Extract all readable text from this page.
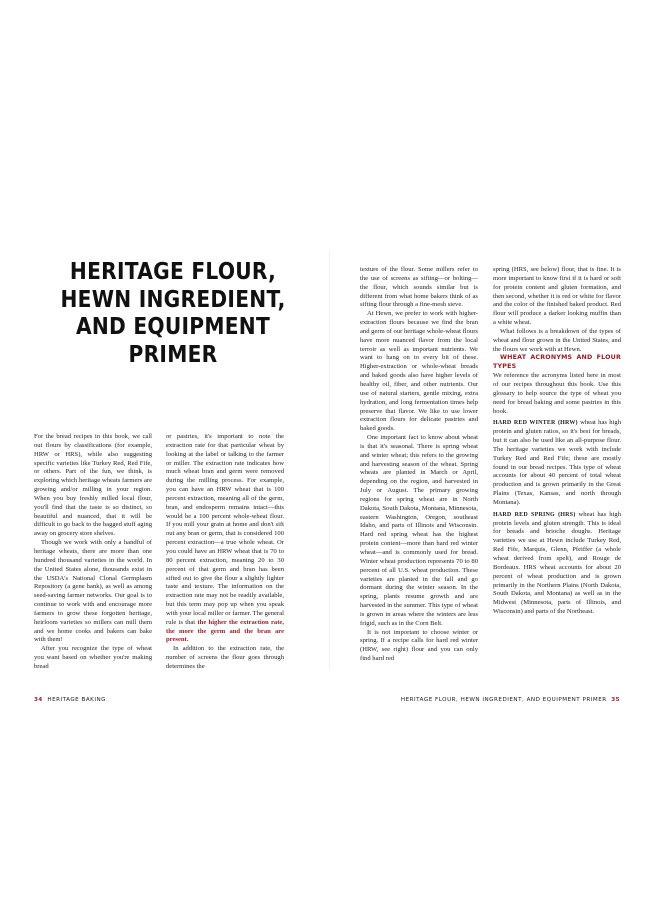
HERITAGE FLOUR,
HEWN INGREDIENT,
AND EQUIPMENT
PRIMER

For the bread recipes in this book, we call out flours by classifications (for example, HRW or HRS), while also suggesting specific varieties like Turkey Red, Red Fife, or others. Part of the fun, we think, is exploring which heritage wheats farmers are growing and/or milling in your region. When you buy freshly milled local flour, you'll find that the taste is so distinct, so beautiful and nuanced, that it will be difficult to go back to the bagged stuff aging away on grocery store shelves.

Though we work with only a handful of heritage wheats, there are more than one hundred thousand varieties in the world. In the United States alone, thousands exist in the USDA's National Clonal Germplasm Repository (a gene bank), as well as among seed-saving farmer networks. Our goal is to continue to work with and encourage more farmers to grow these forgotten heritage, heirloom varieties so millers can mill them and we home cooks and bakers can bake with them!

After you recognize the type of wheat you want based on whether you're making bread

or pastries, it's important to note the extraction rate for that particular wheat by looking at the label or talking to the farmer or miller. The extraction rate indicates how much wheat bran and germ were removed during the milling process. For example, you can have an HRW wheat that is 100 percent extraction, meaning all of the germ, bran, and endosperm remains intact—this would be a 100 percent whole-wheat flour. If you mill your grain at home and don't sift out any bran or germ, that is considered 100 percent extraction—a true whole wheat. Or you could have an HRW wheat that is 70 to 80 percent extraction, meaning 20 to 30 percent of that germ and bran has been sifted out to give the flour a slightly lighter taste and texture. The information on the extraction rate may not be readily available, but this term may pop up when you speak with your local miller or farmer. The general rule is that the higher the extraction rate, the more the germ and the bran are present.

In addition to the extraction rate, the number of screens the flour goes through determines the

34 HERITAGE BAKING

texture of the flour. Some millers refer to the use of screens as sifting—or bolting—the flour, which sounds similar but is different from what home bakers think of as sifting flour through a fine-mesh sieve.

At Hewn, we prefer to work with higher-extraction flours because we find the bran and germ of our heritage whole-wheat flours have more nuanced flavor from the local terroir as well as important nutrients. We want to hang on to every bit of these. Higher-extraction or whole-wheat breads and baked goods also have higher levels of healthy oil, fiber, and other nutrients. Our use of natural starters, gentle mixing, extra hydration, and long fermentation times help preserve that flavor. We like to use lower extraction flours for delicate pastries and baked goods.

One important fact to know about wheat is that it's seasonal. There is spring wheat and winter wheat; this refers to the growing and harvesting season of the wheat. Spring wheats are planted in March or April, depending on the region, and harvested in July or August. The primary growing regions for spring wheat are in North Dakota, South Dakota, Montana, Minnesota, eastern Washington, Oregon, southeast Idaho, and parts of Illinois and Wisconsin. Hard red spring wheat has the highest protein content—more than hard red winter wheat—and is commonly used for bread. Winter wheat production represents 70 to 80 percent of all U.S. wheat production. These varieties are planted in the fall and go dormant during the winter season. In the spring, plants resume growth and are harvested in the summer. This type of wheat is grown in areas where the winters are less frigid, such as in the Corn Belt.

It is not important to choose winter or spring. If a recipe calls for hard red winter (HRW, see right) flour and you can only find hard red

spring (HRS, see below) flour, that is fine. It is more important to know first if it is hard or soft for protein content and gluten formation, and then second, whether it is red or white for flavor and the color of the finished baked product. Red flour will produce a darker looking muffin than a white wheat.

What follows is a breakdown of the types of wheat and flour grown in the United States, and the flours we work with at Hewn.

WHEAT ACRONYMS AND FLOUR TYPES

We reference the acronyms listed here in most of our recipes throughout this book. Use this glossary to help source the type of wheat you need for bread baking and some pastries in this book.

HARD RED WINTER (HRW) wheat has high protein and gluten ratios, so it's best for breads, but it can also be used like an all-purpose flour. The heritage varieties we work with include Turkey Red and Red Fife; these are mostly found in our bread recipes. This type of wheat accounts for about 40 percent of total wheat production and is grown primarily in the Great Plains (Texas, Kansas, and north through Montana).

HARD RED SPRING (HRS) wheat has high protein levels and gluten strength. This is ideal for breads and brioche doughs. Heritage varieties we use at Hewn include Turkey Red, Red Fife, Marquis, Glenn, Pfeiffer (a whole wheat derived from spelt), and Rouge de Bordeaux. HRS wheat accounts for about 20 percent of wheat production and is grown primarily in the Northern Plains (North Dakota, South Dakota, and Montana) as well as in the Midwest (Minnesota, parts of Illinois, and Wisconsin) and parts of the Northeast.

HERITAGE FLOUR, HEWN INGREDIENT, AND EQUIPMENT PRIMER 35
